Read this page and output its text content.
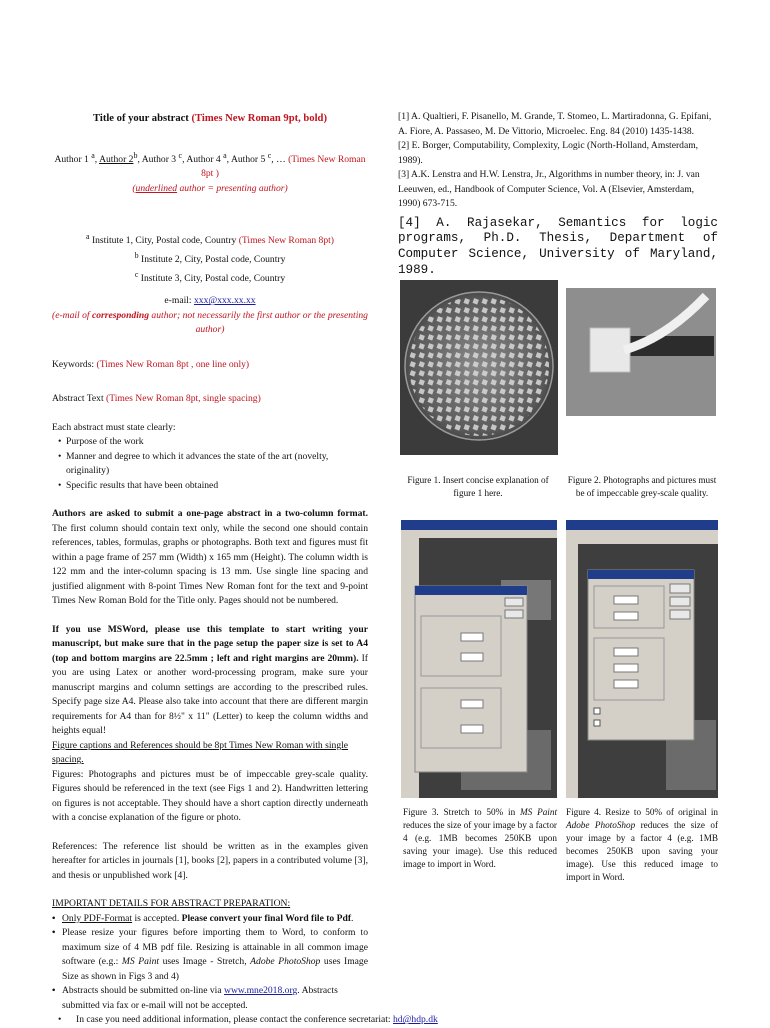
Title of your abstract (Times New Roman 9pt, bold)
Author 1 $^a$, Author 2$^b$, Author 3 $^c$, Author 4 $^a$, Author 5 $^c$, … (Times New Roman 8pt )
(underlined author = presenting author)
$^a$ Institute 1, City, Postal code, Country (Times New Roman 8pt)
$^b$ Institute 2, City, Postal code, Country
$^c$ Institute 3, City, Postal code, Country
e-mail: xxx@xxx.xx.xx
(e-mail of corresponding author; not necessarily the first author or the presenting author)
Keywords: (Times New Roman 8pt , one line only)
Abstract Text (Times New Roman 8pt, single spacing)
Each abstract must state clearly:
• Purpose of the work
• Manner and degree to which it advances the state of the art (novelty, originality)
• Specific results that have been obtained
Authors are asked to submit a one-page abstract in a two-column format. The first column should contain text only, while the second one should contain references, tables, formulas, graphs or photographs. Both text and figures must fit within a page frame of 257 mm (Width) x 165 mm (Height). The column width is 122 mm and the inter-column spacing is 13 mm. Use single line spacing and justified alignment with 8-point Times New Roman font for the text and 9-point Times New Roman Bold for the Title only. Pages should not be numbered.
If you use MSWord, please use this template to start writing your manuscript, but make sure that in the page setup the paper size is set to A4 (top and bottom margins are 22.5mm ; left and right margins are 20mm). If you are using Latex or another word-processing program, make sure your manuscript margins and column settings are according to the prescribed rules. Specify page size A4. Please also take into account that there are different margin requirements for A4 than for 8½" x 11" (Letter) to keep the column widths and heights equal!
Figure captions and References should be 8pt Times New Roman with single spacing.
Figures: Photographs and pictures must be of impeccable grey-scale quality. Figures should be referenced in the text (see Figs 1 and 2). Handwritten lettering on figures is not acceptable. They should have a short caption directly underneath with a concise explanation of the figure or photo.
References: The reference list should be written as in the examples given hereafter for articles in journals [1], books [2], papers in a contributed volume [3], and thesis or unpublished work [4].
IMPORTANT DETAILS FOR ABSTRACT PREPARATION:
• Only PDF-Format is accepted. Please convert your final Word file to Pdf.
• Please resize your figures before importing them to Word, to conform to maximum size of 4 MB pdf file. Resizing is attainable in all common image software (e.g.: MS Paint uses Image - Stretch, Adobe PhotoShop uses Image Size as shown in Figs 3 and 4)
• Abstracts should be submitted on-line via www.mne2018.org. Abstracts submitted via fax or e-mail will not be accepted.
• In case you need additional information, please contact the conference secretariat: hd@hdp.dk

[1] A. Qualtieri, F. Pisanello, M. Grande, T. Stomeo, L. Martiradonna, G. Epifani, A. Fiore, A. Passaseo, M. De Vittorio, Microelec. Eng. 84 (2010) 1435-1438.

[2] E. Borger, Computability, Complexity, Logic (North-Holland, Amsterdam, 1989).

[3] A.K. Lenstra and H.W. Lenstra, Jr., Algorithms in number theory, in: J. van Leeuwen, ed., Handbook of Computer Science, Vol. A (Elsevier, Amsterdam, 1990) 673-715.

[4] A. Rajasekar, Semantics for logic programs, Ph.D. Thesis, Department of Computer Science, University of Maryland, 1989.
Figure 1. Insert concise explanation of figure 1 here.
Figure 2. Photographs and pictures must be of impeccable grey-scale quality.
Figure 3. Stretch to 50% in MS Paint reduces the size of your image by a factor 4 (e.g. 1MB becomes 250KB upon saving your image). Use this reduced image to import in Word.
Figure 4. Resize to 50% of original in Adobe PhotoShop reduces the size of your image by a factor 4 (e.g. 1MB becomes 250KB upon saving your image). Use this reduced image to import in Word.
